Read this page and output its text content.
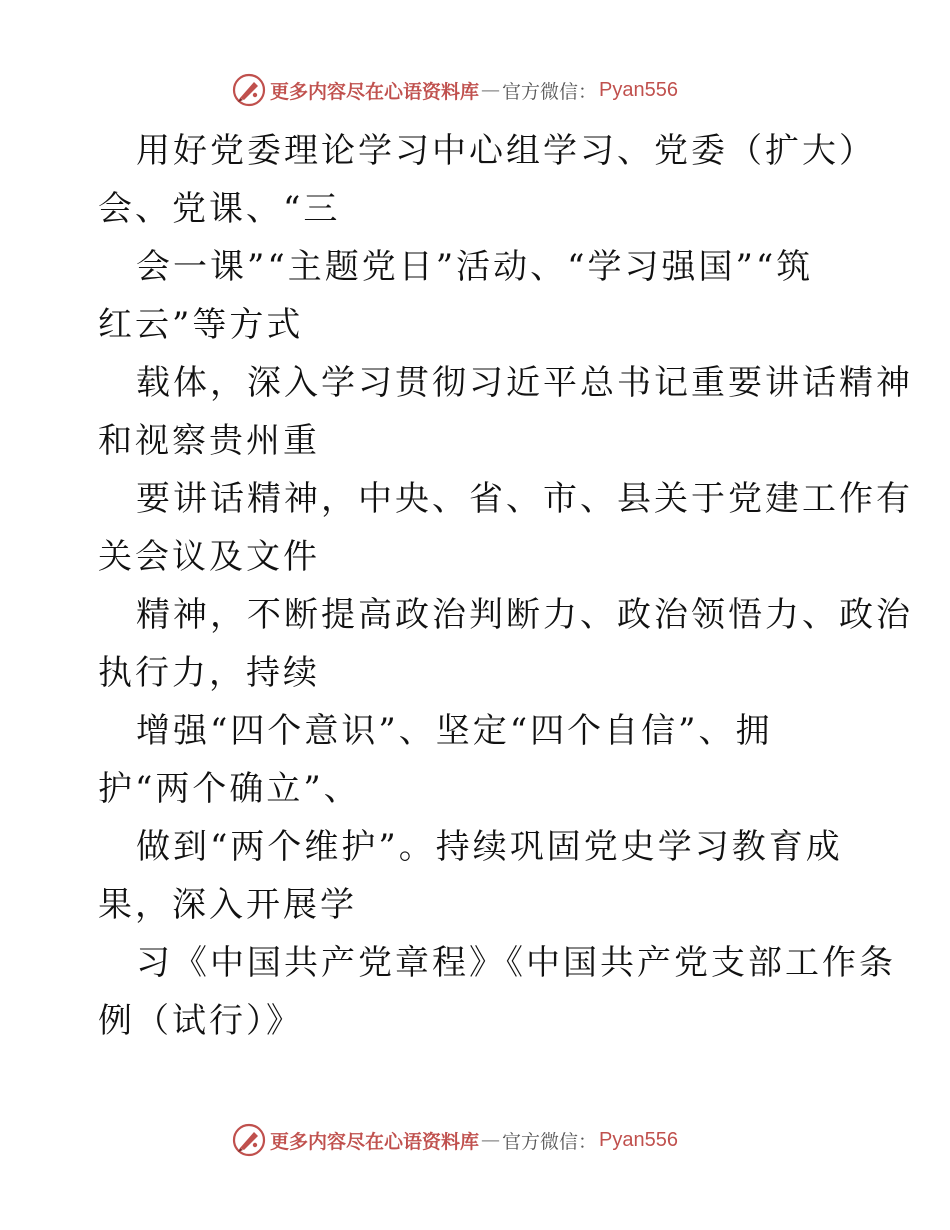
更多内容尽在心语资料库 — 官方微信： Pyan556
用好党委理论学习中心组学习、党委（扩大）
会、党课、“三
会一课”“主题党日”活动、“学习强国”“筑
红云”等方式
载体，深入学习贯彻习近平总书记重要讲话精神
和视察贵州重
要讲话精神，中央、省、市、县关于党建工作有
关会议及文件
精神，不断提高政治判断力、政治领悟力、政治
执行力，持续
增强“四个意识”、坚定“四个自信”、拥
护“两个确立”、
做到“两个维护”。持续巩固党史学习教育成
果，深入开展学
习《中国共产党章程》《中国共产党支部工作条
例（试行）》
更多内容尽在心语资料库 — 官方微信： Pyan556
